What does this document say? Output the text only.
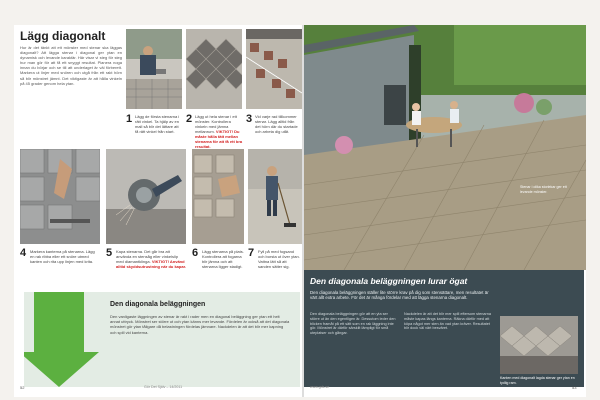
Lägg diagonalt
Hur är det tänkt att ett mönster med stenar ska läggas diagonalt? Att lägga stenar i diagonal ger ytan en dynamisk och levande karaktär. Här visar vi steg för steg hur man gör för att få ett snyggt resultat. Planera noga innan du börjar och se till att underlaget är väl förberett. Markera ut linjer med snören och utgå från ett rakt hörn så blir mönstret jämnt. Det viktigaste är att hålla vinkeln på 45 grader genom hela ytan.
1 Lägg de första stenarna i rätt vinkel. Ta hjälp av en mall så blir det lättare att få rätt vinkel från start.
2 Lägg ut hela stenar i ett mönster. Kontrollera vinkeln med jämna mellanrum. VIKTIGT! Du måste hålla tätt mellan stenarna för att få ett bra resultat.
3 Vid varje rad tillkommer stenar. Lägg alltid från det hörn där du startade och arbeta dig utåt.
4 Markera kanterna på stenarna. Lägg en rak ribba eller ett snöre utmed kanten och rita upp linjen med krita.
5 Kapa stenarna. Det går bra att använda en stensåg eller vinkelslip med diamantklinga. VIKTIGT! Använd alltid skyddsutrustning när du kapar.
6 Lägg stenarna på plats. Kontrollera att fogarna blir jämna och att stenarna ligger stadigt.
7 Fyll på med fogsand och borsta ut över ytan. Vattna lätt så att sanden sätter sig.
Den diagonala beläggningen
Den vanligaste läggningen av stenar är rakt i rader men en diagonal beläggning ger ytan ett helt annat uttryck. Mönstret ser större ut och ytan känns mer levande. Fördelen är också att det diagonala mönstret gör ytan tåligare då belastningen fördelas jämnare. Nackdelen är att det blir mer kapning och spill vid kanterna.
52	Gör Det Själv – 14/2011
Stenar i olika storlekar ger ett levande mönster.
Den diagonala beläggningen lurar ögat
Den diagonala beläggningen ställer lite större krav på dig som stensättare, men resultatet är värt allt extra arbete. För det är många fördelar med att lägga stenarna diagonalt.
Den diagonala beläggningen gör att en yta ser större ut än den egentligen är. Dessutom leder den blicken framåt på ett sätt som en rak läggning inte gör. Mönstret är därför särskilt lämpligt för små uteplatser och gångar.
Nackdelen är att det blir mer spill eftersom stenarna måste kapas längs kanterna. Räkna därför med att köpa något mer sten än vad ytan kräver. Resultatet blir dock väl värt besväret.
Kanten med diagonalt lagda stenar ger ytan en tydlig ram.
www.gds.se	53
